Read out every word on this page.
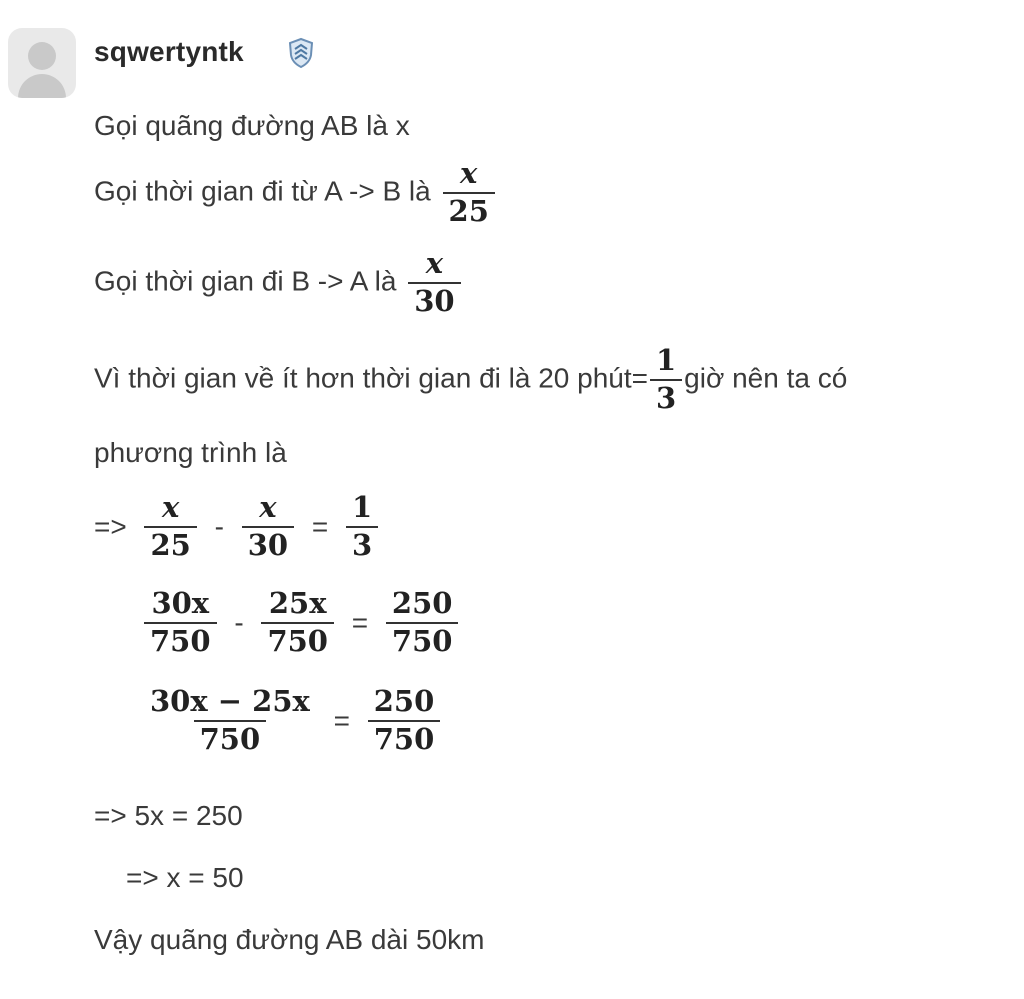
sqwertyntk
Gọi quãng đường AB là x
Gọi thời gian đi từ A -> B là $\frac{x}{25}$
Gọi thời gian đi B -> A là $\frac{x}{30}$
Vì thời gian về ít hơn thời gian đi là 20 phút= $\frac{1}{3}$ giờ nên ta có
phương trình là
=> $\frac{x}{25} - \frac{x}{30} = \frac{1}{3}$
$\frac{30x}{750} - \frac{25x}{750} = \frac{250}{750}$
$\frac{30x - 25x}{750} = \frac{250}{750}$
=> 5x = 250
=> x = 50
Vậy quãng đường AB dài 50km
